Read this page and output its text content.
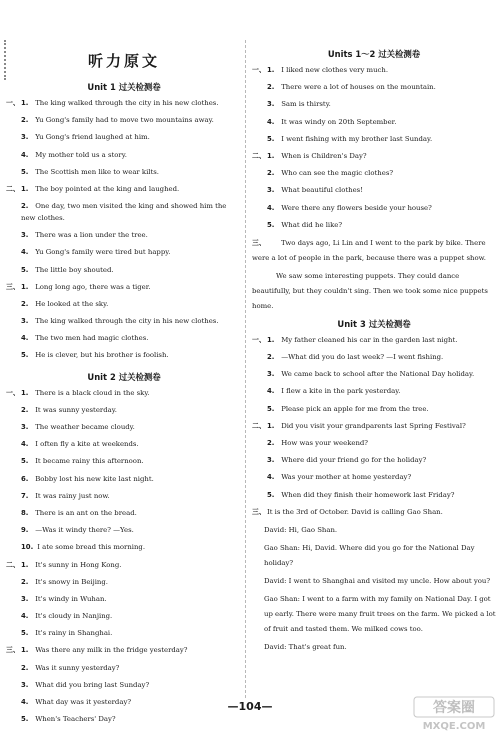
听力原文
Unit 1 过关检测卷
一、1. The king walked through the city in his new clothes.
2. Yu Gong's family had to move two mountains away.
3. Yu Gong's friend laughed at him.
4. My mother told us a story.
5. The Scottish men like to wear kilts.
二、1. The boy pointed at the king and laughed.
2. One day, two men visited the king and showed him the new clothes.
3. There was a lion under the tree.
4. Yu Gong's family were tired but happy.
5. The little boy shouted.
三、1. Long long ago, there was a tiger.
2. He looked at the sky.
3. The king walked through the city in his new clothes.
4. The two men had magic clothes.
5. He is clever, but his brother is foolish.
Unit 2 过关检测卷
一、1. There is a black cloud in the sky.
2. It was sunny yesterday.
3. The weather became cloudy.
4. I often fly a kite at weekends.
5. It became rainy this afternoon.
6. Bobby lost his new kite last night.
7. It was rainy just now.
8. There is an ant on the bread.
9. —Was it windy there? —Yes.
10. I ate some bread this morning.
二、1. It's sunny in Hong Kong.
2. It's snowy in Beijing.
3. It's windy in Wuhan.
4. It's cloudy in Nanjing.
5. It's rainy in Shanghai.
三、1. Was there any milk in the fridge yesterday?
2. Was it sunny yesterday?
3. What did you bring last Sunday?
4. What day was it yesterday?
5. When's Teachers' Day?
Units 1～2 过关检测卷
一、1. I liked new clothes very much.
2. There were a lot of houses on the mountain.
3. Sam is thirsty.
4. It was windy on 20th September.
5. I went fishing with my brother last Sunday.
二、1. When is Children's Day?
2. Who can see the magic clothes?
3. What beautiful clothes!
4. Were there any flowers beside your house?
5. What did he like?
三、 Two days ago, Li Lin and I went to the park by bike. There were a lot of people in the park, because there was a puppet show.
We saw some interesting puppets. They could dance beautifully, but they couldn't sing. Then we took some nice puppets home.
Unit 3 过关检测卷
一、1. My father cleaned his car in the garden last night.
2. —What did you do last week? —I went fishing.
3. We came back to school after the National Day holiday.
4. I flew a kite in the park yesterday.
5. Please pick an apple for me from the tree.
二、1. Did you visit your grandparents last Spring Festival?
2. How was your weekend?
3. Where did your friend go for the holiday?
4. Was your mother at home yesterday?
5. When did they finish their homework last Friday?
三、It is the 3rd of October. David is calling Gao Shan.
David: Hi, Gao Shan.
Gao Shan: Hi, David. Where did you go for the National Day holiday?
David: I went to Shanghai and visited my uncle. How about you?
Gao Shan: I went to a farm with my family on National Day. I got up early. There were many fruit trees on the farm. We picked a lot of fruit and tasted them. We milked cows too.
David: That's great fun.
—104—	答案圈
MXQE.COM
